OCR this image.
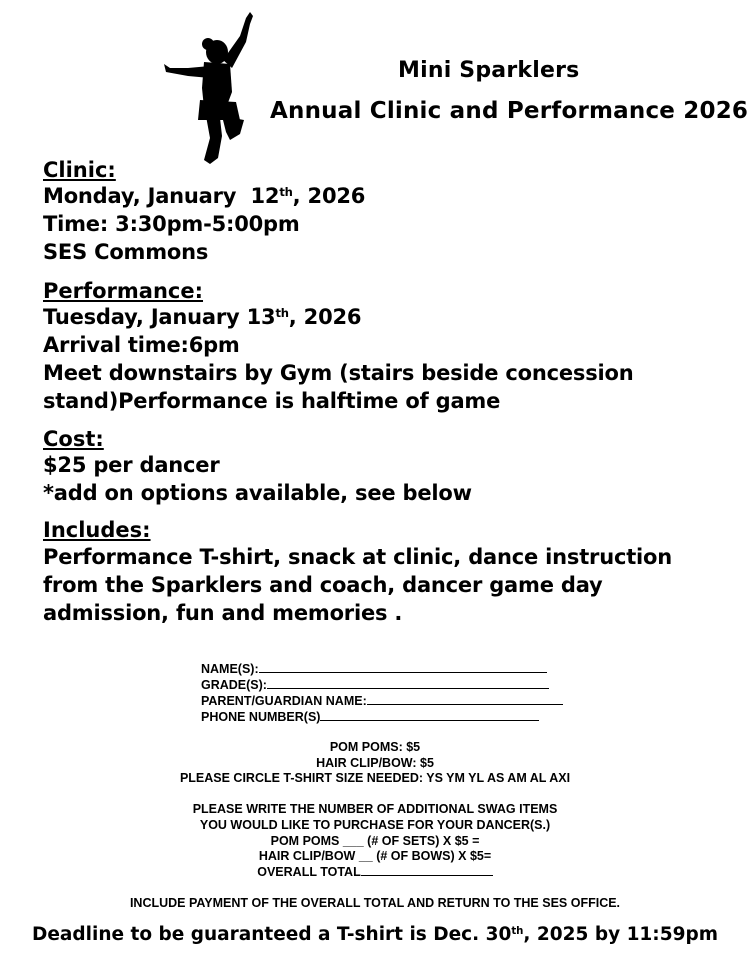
Mini Sparklers
Annual Clinic and Performance 2026
Clinic:
Monday, January  12th, 2026
Time: 3:30pm-5:00pm
SES Commons
Performance:
Tuesday, January 13th, 2026
Arrival time:6pm
Meet downstairs by Gym (stairs beside concession
stand)Performance is halftime of game
Cost:
$25 per dancer
*add on options available, see below
Includes:
Performance T-shirt, snack at clinic, dance instruction
from the Sparklers and coach, dancer game day
admission, fun and memories .
NAME(S):
GRADE(S):
PARENT/GUARDIAN NAME:
PHONE NUMBER(S)
POM POMS: $5
HAIR CLIP/BOW: $5
PLEASE CIRCLE T-SHIRT SIZE NEEDED: YS YM YL AS AM AL AXI
PLEASE WRITE THE NUMBER OF ADDITIONAL SWAG ITEMS
YOU WOULD LIKE TO PURCHASE FOR YOUR DANCER(S.)
POM POMS ___ (# OF SETS) X $5 =
HAIR CLIP/BOW __ (# OF BOWS) X $5=
OVERALL TOTAL
INCLUDE PAYMENT OF THE OVERALL TOTAL AND RETURN TO THE SES OFFICE.
Deadline to be guaranteed a T-shirt is Dec. 30th, 2025 by 11:59pm
